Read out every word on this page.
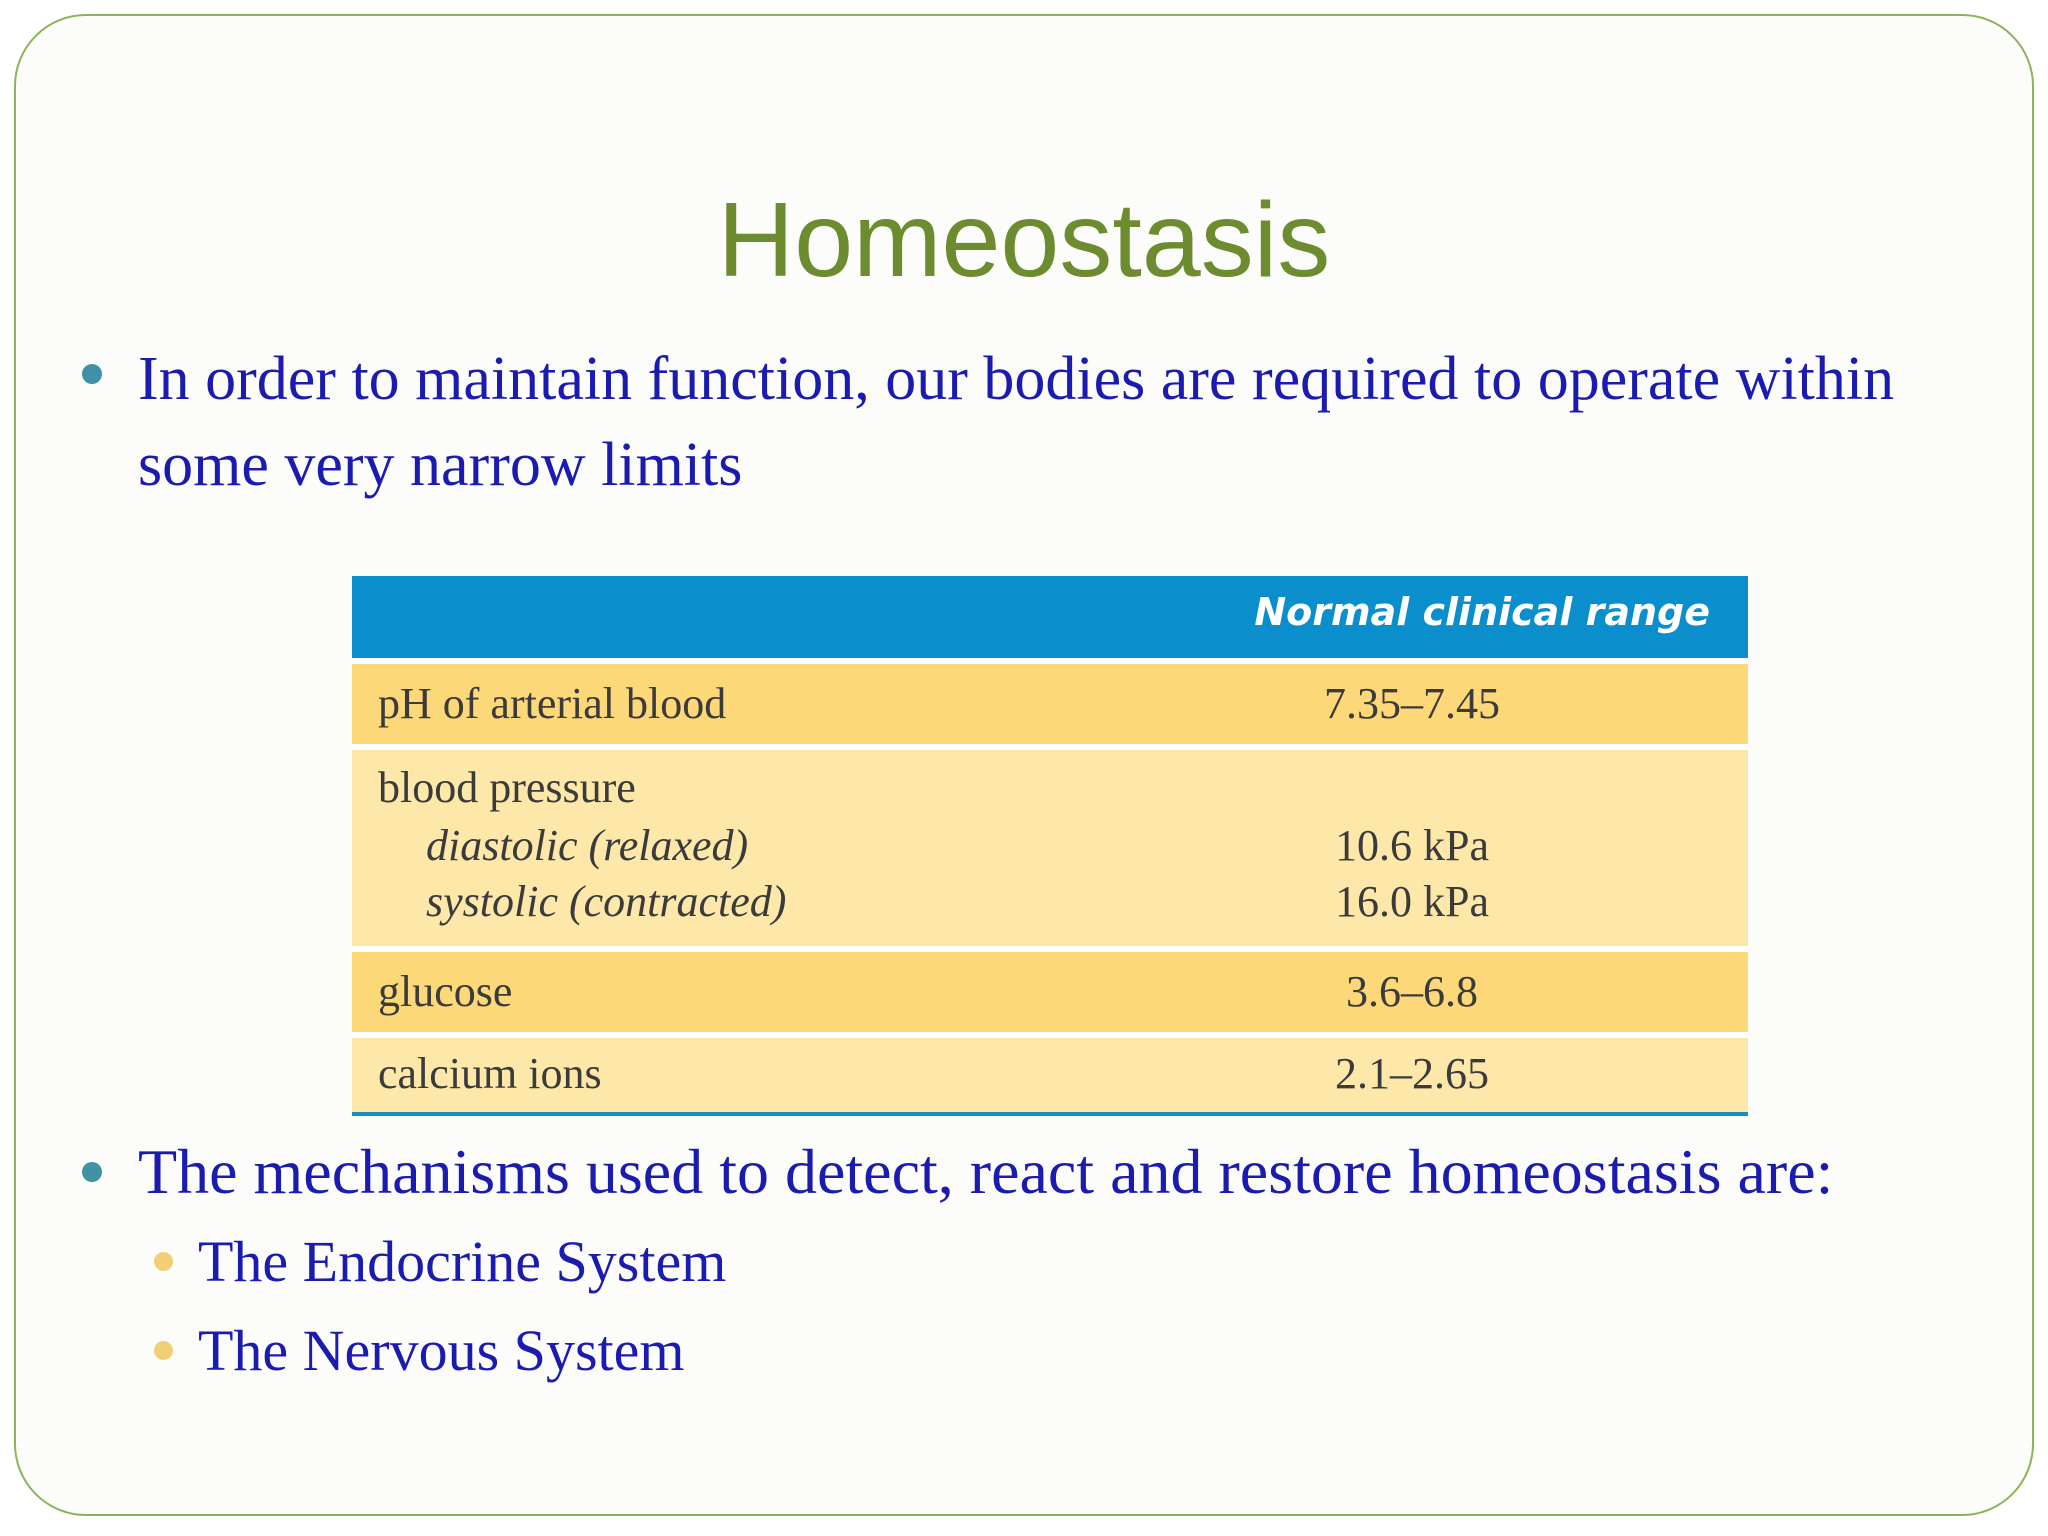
Homeostasis
In order to maintain function, our bodies are required to operate within some very narrow limits
Normal clinical range
pH of arterial blood	7.35–7.45
blood pressure
diastolic (relaxed)	10.6 kPa
systolic (contracted)	16.0 kPa
glucose	3.6–6.8
calcium ions	2.1–2.65
The mechanisms used to detect, react and restore homeostasis are:
The Endocrine System
The Nervous System
